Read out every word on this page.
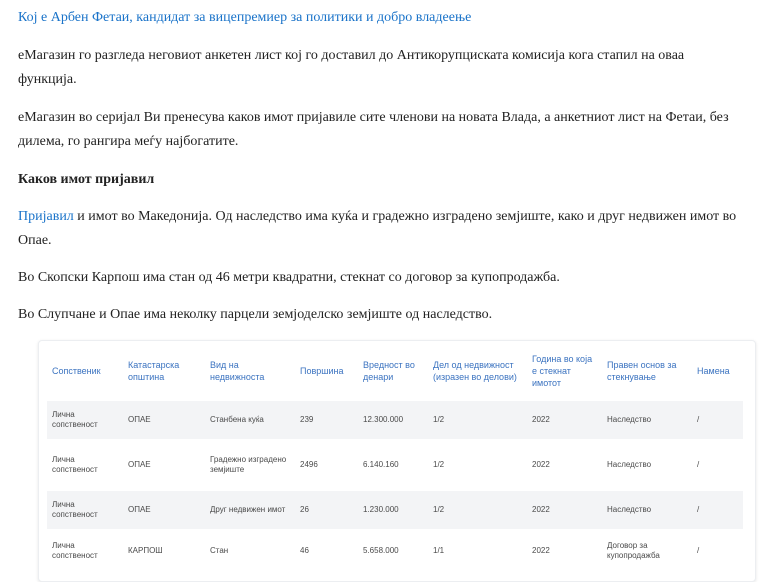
Кој е Арбен Фетаи, кандидат за вицепремиер за политики и добро владеење

еМагазин го разгледа неговиот анкетен лист кој го доставил до Антикорупциската комисија кога стапил на оваа функција.

еМагазин во серијал Ви пренесува каков имот пријавиле сите членови на новата Влада, а анкетниот лист на Фетаи, без дилема, го рангира меѓу најбогатите.

Каков имот пријавил

Пријавил и имот во Македонија. Од наследство има куќа и градежно изградено земјиште, како и друг недвижен имот во Опае.

Во Скопски Карпош има стан од 46 метри квадратни, стекнат со договор за купопродажба.

Во Слупчане и Опае има неколку парцели земјоделско земјиште од наследство.

Сопственик	Катастарска општина	Вид на недвижноста	Површина	Вредност во денари	Дел од недвижност (изразен во делови)	Година во која е стекнат имотот	Правен основ за стекнување	Намена
Лична сопственост	ОПАЕ	Станбена куќа	239	12.300.000	1/2	2022	Наследство	/
Лична сопственост	ОПАЕ	Градежно изградено земјиште	2496	6.140.160	1/2	2022	Наследство	/
Лична сопственост	ОПАЕ	Друг недвижен имот	26	1.230.000	1/2	2022	Наследство	/
Лична сопственост	КАРПОШ	Стан	46	5.658.000	1/1	2022	Договор за купопродажба	/
